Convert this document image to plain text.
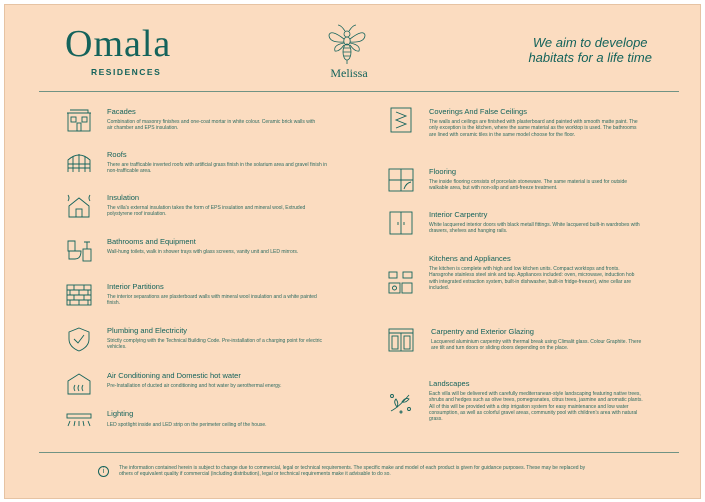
Omala
RESIDENCES	Melissa
We aim to develope
habitats for a life time
Facades
Combination of masonry finishes and one-coat mortar in white colour. Ceramic brick walls with air chamber and EPS insulation.
Roofs
There are trafficable inverted roofs with artificial grass finish in the solarium area and gravel finish in non-trafficable area.
Insulation
The villa's external insulation takes the form of EPS insulation and mineral wool, Extruded polystyrene roof insulation.
Bathrooms and Equipment
Wall-hung toilets, walk in shower trays with glass screens, vanity unit and LED mirrors.
Interior Partitions
The interior separations are plasterboard walls with mineral wool insulation and a white painted finish.
Plumbing and Electricity
Strictly complying with the Technical Building Code. Pre-installation of a charging point for electric vehicles.
Air Conditioning and Domestic hot water
Pre-Installation of ducted air conditioning and hot water by aerothermal energy.
Lighting
LED spotlight inside and LED strip on the perimeter ceiling of the house.
Coverings And False Ceilings
The walls and ceilings are finished with plasterboard and painted with smooth matte paint. The only exception is the kitchen, where the same material as the worktop is used. The bathrooms are lined with ceramic tiles in the same model choose for the floor.
Flooring
The inside flooring consists of porcelain stoneware. The same material is used for outside walkable area, but with non-slip and anti-freeze treatment.
Interior Carpentry
White lacquered interior doors with black metall fittings. White lacquered built-in wardrobes with drawers, shelves and hanging rails.
Kitchens and Appliances
The kitchen is complete with high and low kitchen units. Compact worktops and fronts. Hansgrohe stainless steel sink and tap. Appliances included: oven, microwave, induction hob with integrated extraction system, built-in dishwasher, built-in fridge-freezer), wine cellar are included.
Carpentry and Exterior Glazing
Lacquered aluminium carpentry with thermal break using Climalit glass. Colour Graphite. There are tilt and turn doors or sliding doors depending on the place.
Landscapes
Each villa will be delivered with carefully mediterranean-style landscaping featuring native trees, shrubs and hedges such as olive trees, pomegranates, citrus trees, jasmine and aromatic plants. All of this will be provided with a drip irrigation system for easy maintenance and low water consumption, as well as colorful gravel areas, community pool with children's area with natural grass.
i	The information contained herein is subject to change due to commercial, legal or technical requirements. The specific make and model of each product is given for guidance purposes. These may be replaced by others of equivalent quality if commercial (including distribution), legal or technical requirements make it advisable to do so.
